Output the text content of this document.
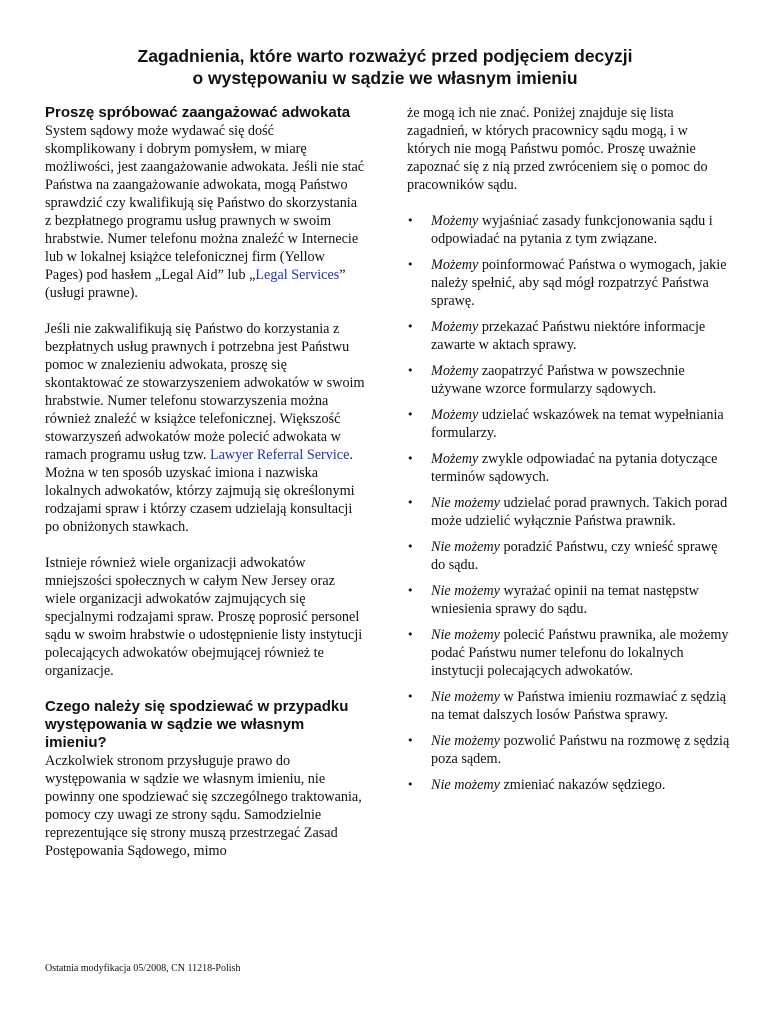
Zagadnienia, które warto rozważyć przed podjęciem decyzji
o występowaniu w sądzie we własnym imieniu
Proszę spróbować zaangażować adwokata

System sądowy może wydawać się dość skomplikowany i dobrym pomysłem, w miarę możliwości, jest zaangażowanie adwokata. Jeśli nie stać Państwa na zaangażowanie adwokata, mogą Państwo sprawdzić czy kwalifikują się Państwo do skorzystania z bezpłatnego programu usług prawnych w swoim hrabstwie. Numer telefonu można znaleźć w Internecie lub w lokalnej książce telefonicznej firm (Yellow Pages) pod hasłem „Legal Aid” lub „Legal Services” (usługi prawne).

Jeśli nie zakwalifikują się Państwo do korzystania z bezpłatnych usług prawnych i potrzebna jest Państwu pomoc w znalezieniu adwokata, proszę się skontaktować ze stowarzyszeniem adwokatów w swoim hrabstwie. Numer telefonu stowarzyszenia można również znaleźć w książce telefonicznej. Większość stowarzyszeń adwokatów może polecić adwokata w ramach programu usług tzw. Lawyer Referral Service. Można w ten sposób uzyskać imiona i nazwiska lokalnych adwokatów, którzy zajmują się określonymi rodzajami spraw i którzy czasem udzielają konsultacji po obniżonych stawkach.

Istnieje również wiele organizacji adwokatów mniejszości społecznych w całym New Jersey oraz wiele organizacji adwokatów zajmujących się specjalnymi rodzajami spraw. Proszę poprosić personel sądu w swoim hrabstwie o udostępnienie listy instytucji polecających adwokatów obejmującej również te organizacje.

Czego należy się spodziewać w przypadku występowania w sądzie we własnym imieniu?

Aczkolwiek stronom przysługuje prawo do występowania w sądzie we własnym imieniu, nie powinny one spodziewać się szczególnego traktowania, pomocy czy uwagi ze strony sądu. Samodzielnie reprezentujące się strony muszą przestrzegać Zasad Postępowania Sądowego, mimo

że mogą ich nie znać. Poniżej znajduje się lista zagadnień, w których pracownicy sądu mogą, i w których nie mogą Państwu pomóc. Proszę uważnie zapoznać się z nią przed zwróceniem się o pomoc do pracowników sądu.

• Możemy wyjaśniać zasady funkcjonowania sądu i odpowiadać na pytania z tym związane.
• Możemy poinformować Państwa o wymogach, jakie należy spełnić, aby sąd mógł rozpatrzyć Państwa sprawę.
• Możemy przekazać Państwu niektóre informacje zawarte w aktach sprawy.
• Możemy zaopatrzyć Państwa w powszechnie używane wzorce formularzy sądowych.
• Możemy udzielać wskazówek na temat wypełniania formularzy.
• Możemy zwykle odpowiadać na pytania dotyczące terminów sądowych.
• Nie możemy udzielać porad prawnych. Takich porad może udzielić wyłącznie Państwa prawnik.
• Nie możemy poradzić Państwu, czy wnieść sprawę do sądu.
• Nie możemy wyrażać opinii na temat następstw wniesienia sprawy do sądu.
• Nie możemy polecić Państwu prawnika, ale możemy podać Państwu numer telefonu do lokalnych instytucji polecających adwokatów.
• Nie możemy w Państwa imieniu rozmawiać z sędzią na temat dalszych losów Państwa sprawy.
• Nie możemy pozwolić Państwu na rozmowę z sędzią poza sądem.
• Nie możemy zmieniać nakazów sędziego.
Ostatnia modyfikacja 05/2008, CN 11218-Polish
